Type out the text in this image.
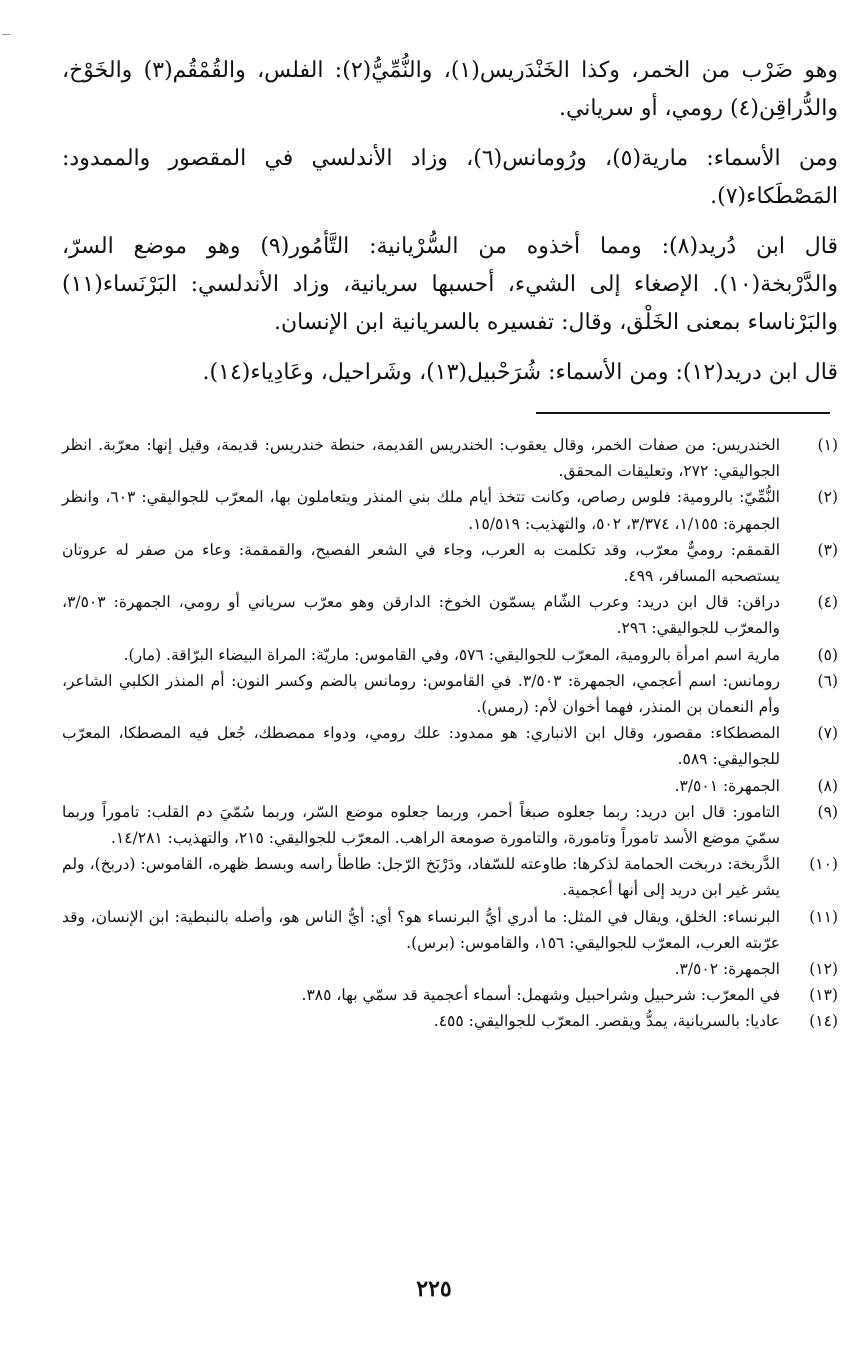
وهو ضَرْب من الخمر، وكذا الخَنْدَريس(١)، والنُّمِّيُّ(٢): الفلس، والقُمْقُم(٣) والخَوْخ، والدُّراقِن(٤) رومي، أو سرياني.

ومن الأسماء: مارية(٥)، ورُومانس(٦)، وزاد الأندلسي في المقصور والممدود: المَصْطَكاء(٧).

قال ابن دُريد(٨): ومما أخذوه من السُّرْيانية: التَّأمُور(٩) وهو موضع السرّ، والدَّرْبخة(١٠). الإصغاء إلى الشيء، أحسبها سريانية، وزاد الأندلسي: البَرْنَساء(١١) والبَرْناساء بمعنى الخَلْق، وقال: تفسيره بالسريانية ابن الإنسان.

قال ابن دريد(١٢): ومن الأسماء: شُرَحْبيل(١٣)، وشَراحيل، وعَادِياء(١٤).

(١)
الخندريس: من صفات الخمر، وقال يعقوب: الخندريس القديمة، حنطة خندريس: قديمة، وقيل إنها: معرّبة. انظر الجواليقي: ٢٧٢، وتعليقات المحقق.
(٢)
النُّمِّيّ: بالرومية: فلوس رصاص، وكانت تتخذ أيام ملك بني المنذر ويتعاملون بها، المعرّب للجواليقي: ٦٠٣، وانظر الجمهرة: ١/١٥٥، ٣/٣٧٤، ٥٠٢، والتهذيب: ١٥/٥١٩.
(٣)
القمقم: روميٌّ معرّب، وقد تكلمت به العرب، وجاء في الشعر الفصيح، والقمقمة: وعاء من صفر له عروتان يستصحبه المسافر، ٤٩٩.
(٤)
دراقن: قال ابن دريد: وعرب الشّام يسمّون الخوخ: الدارقن وهو معرّب سرياني أو رومي، الجمهرة: ٣/٥٠٣، والمعرّب للجواليقي: ٢٩٦.
(٥)
مارية اسم امرأة بالرومية، المعرّب للجواليقي: ٥٧٦، وفي القاموس: ماريّة: المراة البيضاء البرّاقة. (مار).
(٦)
رومانس: اسم أعجمي، الجمهرة: ٣/٥٠٣. في القاموس: رومانس بالضم وكسر النون: أم المنذر الكلبي الشاعر، وأم النعمان بن المنذر، فهما أخوان لأم: (رمس).
(٧)
المصطكاء: مقصور، وقال ابن الانباري: هو ممدود: علك رومي، ودواء ممصطك، جُعل فيه المصطكا، المعرّب للجواليقي: ٥٨٩.
(٨)
الجمهرة: ٣/٥٠١.
(٩)
التامور: قال ابن دريد: ربما جعلوه صبغاً أحمر، وربما جعلوه موضع السّر، وربما سُمّيَ دم القلب: تاموراً وربما سمّيَ موضع الأسد تاموراً وتامورة، والتامورة صومعة الراهب. المعرّب للجواليقي: ٢١٥، والتهذيب: ١٤/٢٨١.
(١٠)
الدَّربخة: دربخت الحمامة لذكرها: طاوعته للسّفاد، ودَرْبَخ الرّجل: طاطأ راسه وبسط ظهره، القاموس: (دربخ)، ولم يشر غير ابن دريد إلى أنها أعجمية.
(١١)
البرنساء: الخلق، ويقال في المثل: ما أدري أيُّ البرنساء هو؟ أي: أيُّ الناس هو، وأصله بالنبطية: ابن الإنسان، وقد عرّبته العرب، المعرّب للجواليقي: ١٥٦، والقاموس: (برس).
(١٢)
الجمهرة: ٣/٥٠٢.
(١٣)
في المعرّب: شرحبيل وشراحبيل وشهمل: أسماء أعجمية قد سمّي بها، ٣٨٥.
(١٤)
عاديا: بالسريانية، يمدُّ ويقصر. المعرّب للجواليقي: ٤٥٥.
٢٢٥
